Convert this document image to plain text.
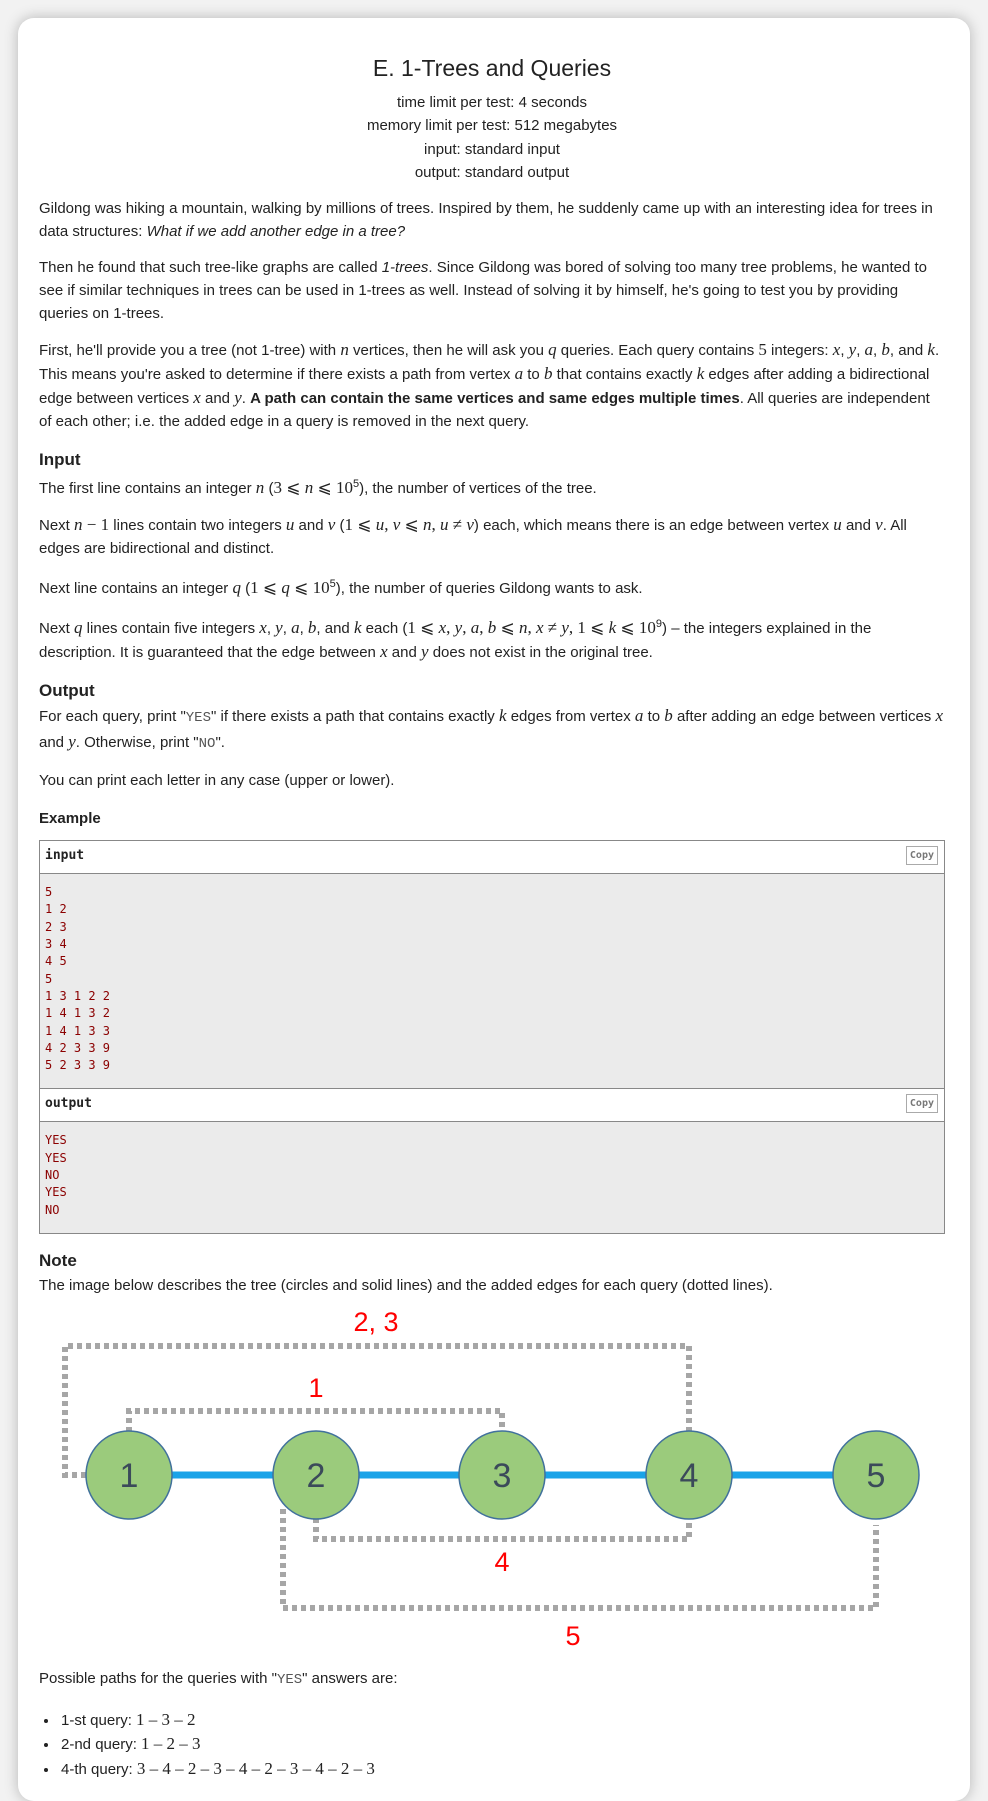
E. 1-Trees and Queries
time limit per test: 4 seconds
memory limit per test: 512 megabytes
input: standard input
output: standard output

Gildong was hiking a mountain, walking by millions of trees. Inspired by them, he suddenly came up with an interesting idea for trees in data structures: What if we add another edge in a tree?

Then he found that such tree-like graphs are called 1-trees. Since Gildong was bored of solving too many tree problems, he wanted to see if similar techniques in trees can be used in 1-trees as well. Instead of solving it by himself, he's going to test you by providing queries on 1-trees.

First, he'll provide you a tree (not 1-tree) with n vertices, then he will ask you q queries. Each query contains 5 integers: x, y, a, b, and k. This means you're asked to determine if there exists a path from vertex a to b that contains exactly k edges after adding a bidirectional edge between vertices x and y. A path can contain the same vertices and same edges multiple times. All queries are independent of each other; i.e. the added edge in a query is removed in the next query.

Input

The first line contains an integer n (3 ⩽ n ⩽ $10^5$), the number of vertices of the tree.

Next n − 1 lines contain two integers u and v (1 ⩽ u, v ⩽ n, u ≠ v) each, which means there is an edge between vertex u and v. All edges are bidirectional and distinct.

Next line contains an integer q (1 ⩽ q ⩽ $10^5$), the number of queries Gildong wants to ask.

Next q lines contain five integers x, y, a, b, and k each (1 ⩽ x, y, a, b ⩽ n, x ≠ y, 1 ⩽ k ⩽ $10^9$) – the integers explained in the description. It is guaranteed that the edge between x and y does not exist in the original tree.

Output

For each query, print "YES" if there exists a path that contains exactly k edges from vertex a to b after adding an edge between vertices x and y. Otherwise, print "NO".

You can print each letter in any case (upper or lower).

Example
input	Copy
5
1 2
2 3
3 4
4 5
5
1 3 1 2 2
1 4 1 3 2
1 4 1 3 3
4 2 3 3 9
5 2 3 3 9
output	Copy
YES
YES
NO
YES
NO
Note

The image below describes the tree (circles and solid lines) and the added edges for each query (dotted lines).

1	2	3	4	5
2, 3
1
4
5

Possible paths for the queries with "YES" answers are:

• 1-st query: 1 – 3 – 2
• 2-nd query: 1 – 2 – 3
• 4-th query: 3 – 4 – 2 – 3 – 4 – 2 – 3 – 4 – 2 – 3
